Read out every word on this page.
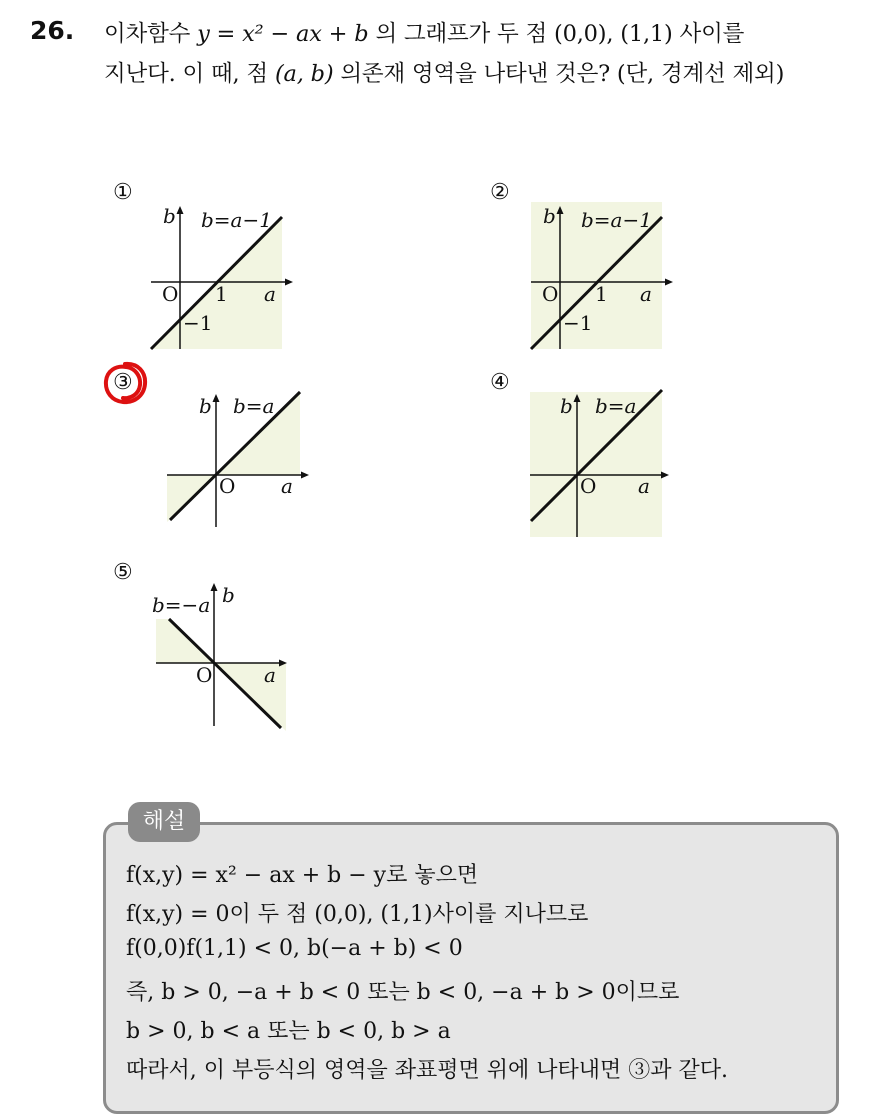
26. 이차함수 y = x² − ax + b 의 그래프가 두 점 (0,0), (1,1) 사이를
지난다. 이 때, 점 (a, b) 의존재 영역을 나타낸 것은? (단, 경계선 제외)
①
b b=a−1
O 1 a
−1
②
b b=a−1
O 1 a
−1
③
b b=a
O a
④
b b=a
O a
⑤
b=−a b
O	a
해설
f(x,y) = x² − ax + b − y로 놓으면
f(x,y) = 0이 두 점 (0,0), (1,1)사이를 지나므로
f(0,0)f(1,1) < 0, b(−a + b) < 0
즉, b > 0, −a + b < 0 또는 b < 0, −a + b > 0이므로
b > 0, b < a 또는 b < 0, b > a
따라서, 이 부등식의 영역을 좌표평면 위에 나타내면 ③과 같다.
